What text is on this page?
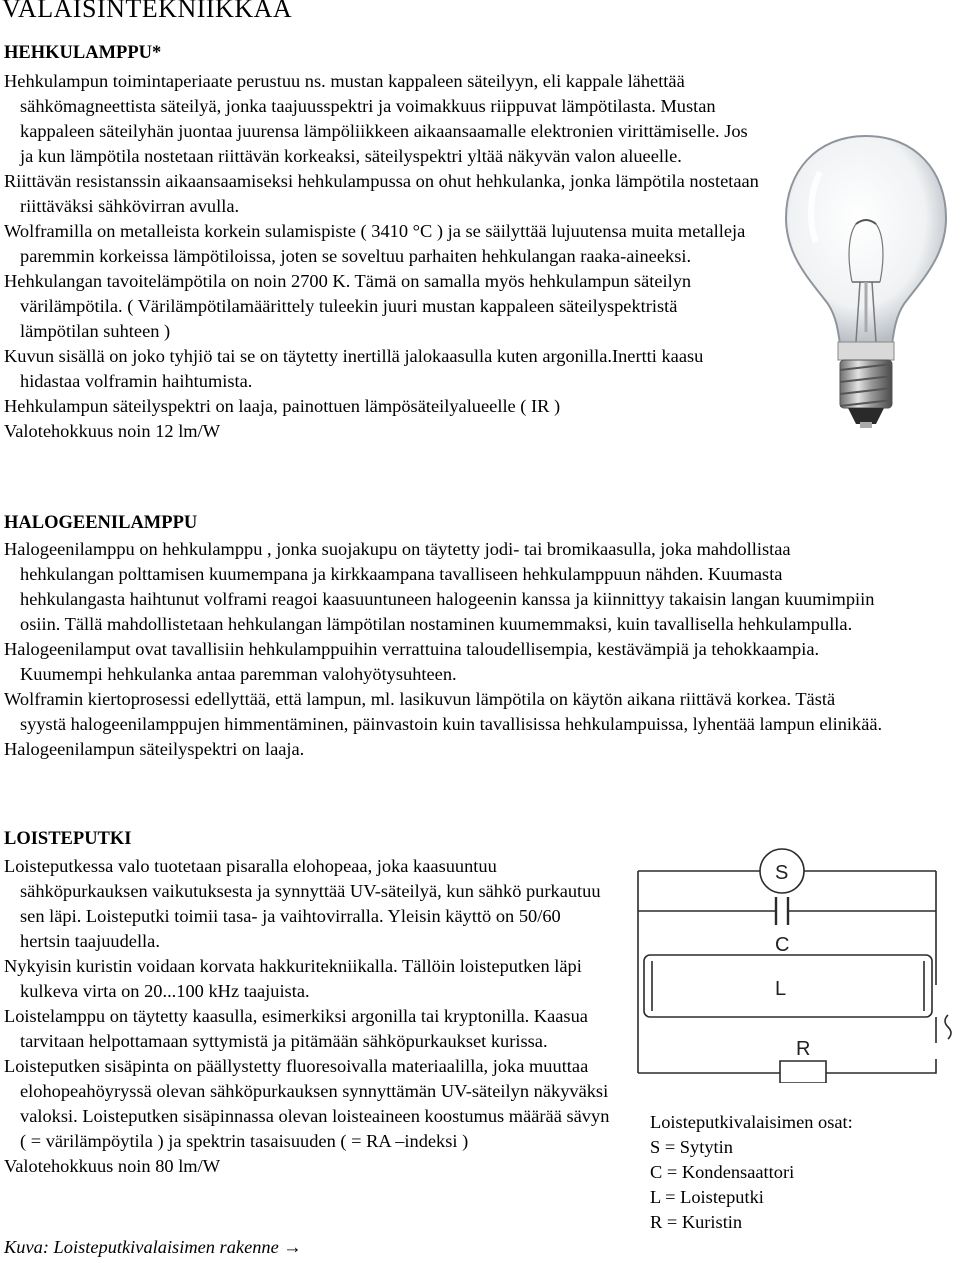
VALAISINTEKNIIKKAA
HEHKULAMPPU*

Hehkulampun toimintaperiaate perustuu ns. mustan kappaleen säteilyyn, eli kappale lähettää sähkömagneettista säteilyä, jonka taajuusspektri ja voimakkuus riippuvat lämpötilasta. Mustan kappaleen säteilyhän juontaa juurensa lämpöliikkeen aikaansaamalle elektronien virittämiselle. Jos ja kun lämpötila nostetaan riittävän korkeaksi, säteilyspektri yltää näkyvän valon alueelle.

Riittävän resistanssin aikaansaamiseksi hehkulampussa on ohut hehkulanka, jonka lämpötila nostetaan riittäväksi sähkövirran avulla.

Wolframilla on metalleista korkein sulamispiste ( 3410 °C ) ja se säilyttää lujuutensa muita metalleja paremmin korkeissa lämpötiloissa, joten se soveltuu parhaiten hehkulangan raaka-aineeksi.

Hehkulangan tavoitelämpötila on noin 2700 K. Tämä on samalla myös hehkulampun säteilyn värilämpötila. ( Värilämpötilamäärittely tuleekin juuri mustan kappaleen säteilyspektristä lämpötilan suhteen )

Kuvun sisällä on joko tyhjiö tai se on täytetty inertillä jalokaasulla kuten argonilla.Inertti kaasu hidastaa volframin haihtumista.

Hehkulampun säteilyspektri on laaja, painottuen lämpösäteilyalueelle ( IR )

Valotehokkuus noin 12 lm/W

HALOGEENILAMPPU

Halogeenilamppu on hehkulamppu , jonka suojakupu on täytetty jodi- tai bromikaasulla, joka mahdollistaa hehkulangan polttamisen kuumempana ja kirkkaampana tavalliseen hehkulamppuun nähden. Kuumasta hehkulangasta haihtunut volframi reagoi kaasuuntuneen halogeenin kanssa ja kiinnittyy takaisin langan kuumimpiin osiin. Tällä mahdollistetaan hehkulangan lämpötilan nostaminen kuumemmaksi, kuin tavallisella hehkulampulla.

Halogeenilamput ovat tavallisiin hehkulamppuihin verrattuina taloudellisempia, kestävämpiä ja tehokkaampia. Kuumempi hehkulanka antaa paremman valohyötysuhteen.

Wolframin kiertoprosessi edellyttää, että lampun, ml. lasikuvun lämpötila on käytön aikana riittävä korkea. Tästä syystä halogeenilamppujen himmentäminen, päinvastoin kuin tavallisissa hehkulampuissa, lyhentää lampun elinikää.

Halogeenilampun säteilyspektri on laaja.

LOISTEPUTKI

Loisteputkessa valo tuotetaan pisaralla elohopeaa, joka kaasuuntuu sähköpurkauksen vaikutuksesta ja synnyttää UV-säteilyä, kun sähkö purkautuu sen läpi. Loisteputki toimii tasa- ja vaihtovirralla. Yleisin käyttö on 50/60 hertsin taajuudella.

Nykyisin kuristin voidaan korvata hakkuritekniikalla. Tällöin loisteputken läpi kulkeva virta on 20...100 kHz taajuista.

Loistelamppu on täytetty kaasulla, esimerkiksi argonilla tai kryptonilla. Kaasua tarvitaan helpottamaan syttymistä ja pitämään sähköpurkaukset kurissa.

Loisteputken sisäpinta on päällystetty fluoresoivalla materiaalilla, joka muuttaa elohopeahöyryssä olevan sähköpurkauksen synnyttämän UV-säteilyn näkyväksi valoksi. Loisteputken sisäpinnassa olevan loisteaineen koostumus määrää sävyn ( = värilämpöytila ) ja spektrin tasaisuuden ( = RA –indeksi )

Valotehokkuus noin 80 lm/W

S
C
L
R
Loisteputkivalaisimen osat:
S = Sytytin
C = Kondensaattori
L = Loisteputki
R = Kuristin
Kuva: Loisteputkivalaisimen rakenne →
